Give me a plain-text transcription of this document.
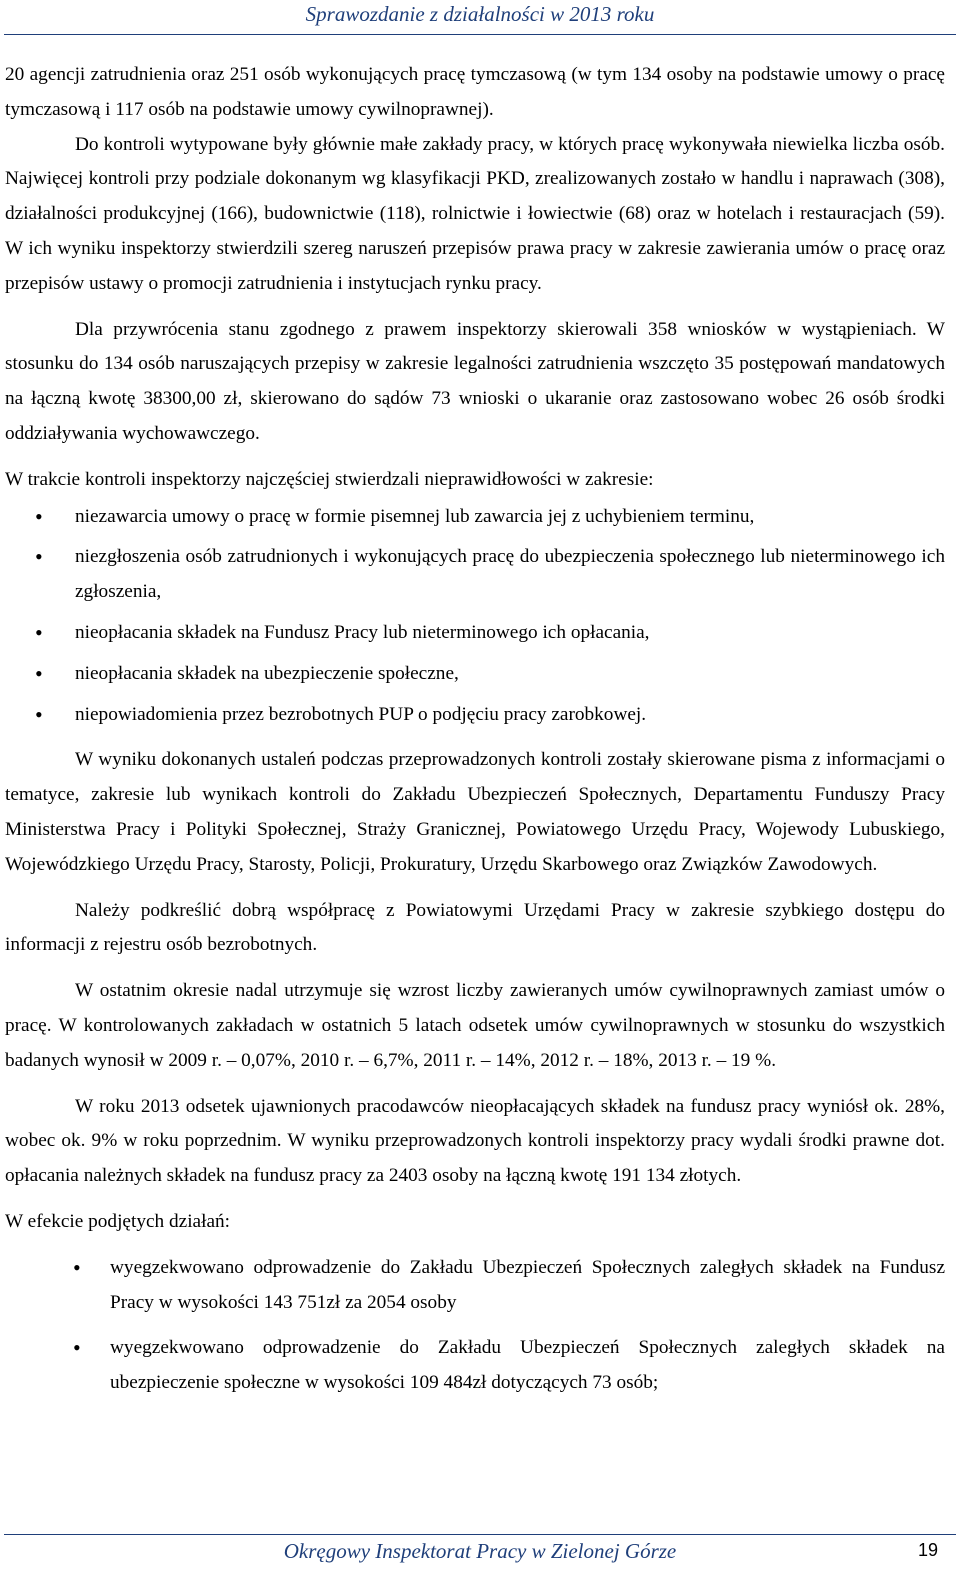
Sprawozdanie z działalności w 2013 roku

20 agencji zatrudnienia oraz 251 osób wykonujących pracę tymczasową (w tym 134 osoby na podstawie umowy o pracę tymczasową i 117 osób na podstawie umowy cywilnoprawnej).

Do kontroli wytypowane były głównie małe zakłady pracy, w których pracę wykonywała niewielka liczba osób. Najwięcej kontroli przy podziale dokonanym wg klasyfikacji PKD, zrealizowanych zostało w handlu i naprawach (308), działalności produkcyjnej (166), budownictwie (118), rolnictwie i łowiectwie (68) oraz w hotelach i restauracjach (59). W ich wyniku inspektorzy stwierdzili szereg naruszeń przepisów prawa pracy w zakresie zawierania umów o pracę oraz przepisów ustawy o promocji zatrudnienia i instytucjach rynku pracy.

Dla przywrócenia stanu zgodnego z prawem inspektorzy skierowali 358 wniosków w wystąpieniach. W stosunku do 134 osób naruszających przepisy w zakresie legalności zatrudnienia wszczęto 35 postępowań mandatowych na łączną kwotę 38300,00 zł, skierowano do sądów 73 wnioski o ukaranie oraz zastosowano wobec 26 osób środki oddziaływania wychowawczego.

W trakcie kontroli inspektorzy najczęściej stwierdzali nieprawidłowości w zakresie:

• niezawarcia umowy o pracę w formie pisemnej lub zawarcia jej z uchybieniem terminu,
• niezgłoszenia osób zatrudnionych i wykonujących pracę do ubezpieczenia społecznego lub nieterminowego ich zgłoszenia,
• nieopłacania składek na Fundusz Pracy lub nieterminowego ich opłacania,
• nieopłacania składek na ubezpieczenie społeczne,
• niepowiadomienia przez bezrobotnych PUP o podjęciu pracy zarobkowej.

W wyniku dokonanych ustaleń podczas przeprowadzonych kontroli zostały skierowane pisma z informacjami o tematyce, zakresie lub wynikach kontroli do Zakładu Ubezpieczeń Społecznych, Departamentu Funduszy Pracy Ministerstwa Pracy i Polityki Społecznej, Straży Granicznej, Powiatowego Urzędu Pracy, Wojewody Lubuskiego, Wojewódzkiego Urzędu Pracy, Starosty, Policji, Prokuratury, Urzędu Skarbowego oraz Związków Zawodowych.

Należy podkreślić dobrą współpracę z Powiatowymi Urzędami Pracy w zakresie szybkiego dostępu do informacji z rejestru osób bezrobotnych.

W ostatnim okresie nadal utrzymuje się wzrost liczby zawieranych umów cywilnoprawnych zamiast umów o pracę. W kontrolowanych zakładach w ostatnich 5 latach odsetek umów cywilnoprawnych w stosunku do wszystkich badanych wynosił w 2009 r. – 0,07%, 2010 r. – 6,7%, 2011 r. – 14%, 2012 r. – 18%, 2013 r. – 19 %.

W roku 2013 odsetek ujawnionych pracodawców nieopłacających składek na fundusz pracy wyniósł ok. 28%, wobec ok. 9% w roku poprzednim. W wyniku przeprowadzonych kontroli inspektorzy pracy wydali środki prawne dot. opłacania należnych składek na fundusz pracy za 2403 osoby na łączną kwotę 191 134 złotych.

W efekcie podjętych działań:

• wyegzekwowano odprowadzenie do Zakładu Ubezpieczeń Społecznych zaległych składek na Fundusz Pracy w wysokości 143 751zł za 2054 osoby
• wyegzekwowano odprowadzenie do Zakładu Ubezpieczeń Społecznych zaległych składek na ubezpieczenie społeczne w wysokości 109 484zł dotyczących 73 osób;
Okręgowy Inspektorat Pracy w Zielonej Górze	19
